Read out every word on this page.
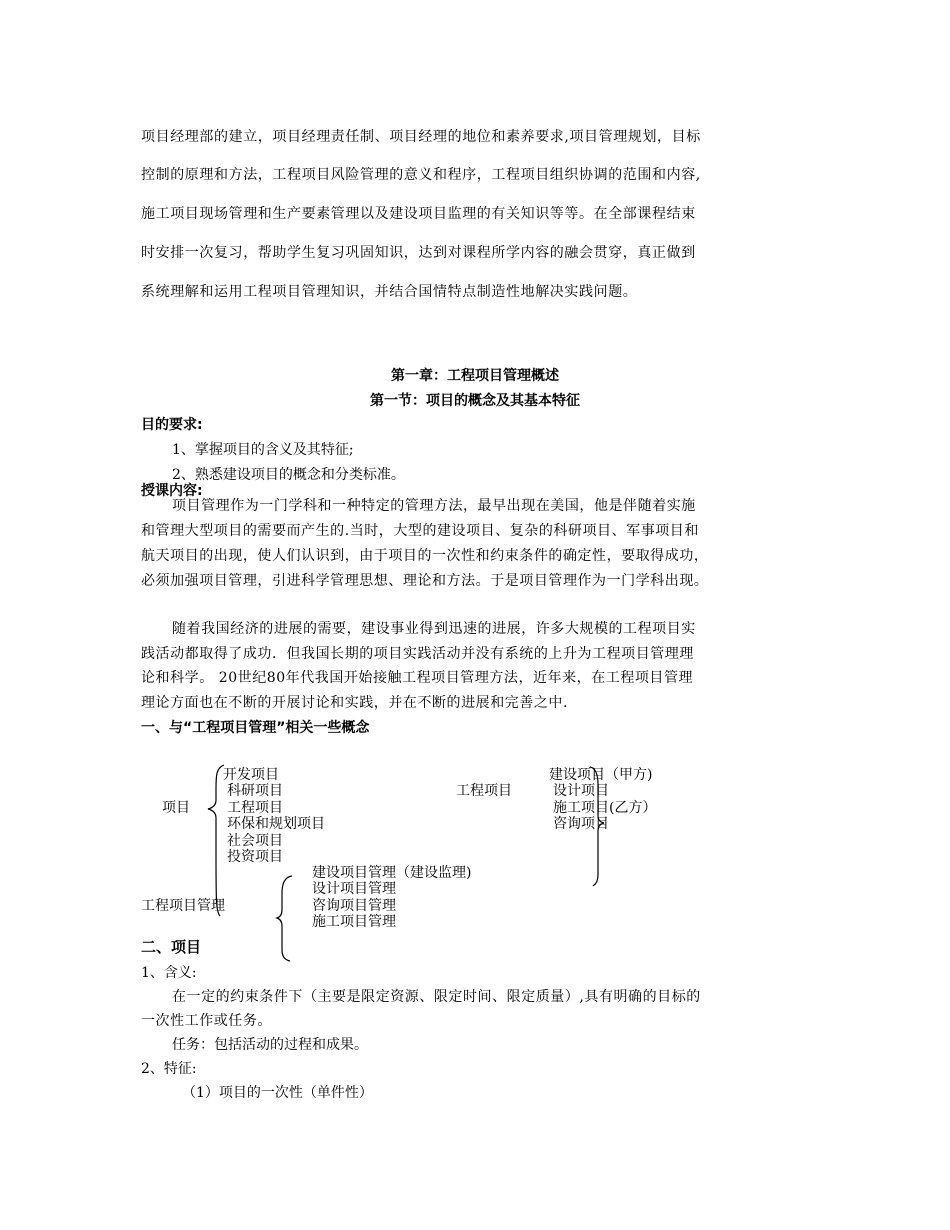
项目经理部的建立，项目经理责任制、项目经理的地位和素养要求,项目管理规划，目标
控制的原理和方法，工程项目风险管理的意义和程序，工程项目组织协调的范围和内容,
施工项目现场管理和生产要素管理以及建设项目监理的有关知识等等。在全部课程结束
时安排一次复习，帮助学生复习巩固知识，达到对课程所学内容的融会贯穿，真正做到
系统理解和运用工程项目管理知识，并结合国情特点制造性地解决实践问题。
第一章：工程项目管理概述
第一节：项目的概念及其基本特征
目的要求:
1、掌握项目的含义及其特征;
2、熟悉建设项目的概念和分类标准。
授课内容:
项目管理作为一门学科和一种特定的管理方法，最早出现在美国，他是伴随着实施
和管理大型项目的需要而产生的.当时，大型的建设项目、复杂的科研项目、军事项目和
航天项目的出现，使人们认识到，由于项目的一次性和约束条件的确定性，要取得成功，
必须加强项目管理，引进科学管理思想、理论和方法。于是项目管理作为一门学科出现。
随着我国经济的进展的需要，建设事业得到迅速的进展，许多大规模的工程项目实
践活动都取得了成功．但我国长期的项目实践活动并没有系统的上升为工程项目管理理
论和科学。 20世纪80年代我国开始接触工程项目管理方法，近年来，在工程项目管理
理论方面也在不断的开展讨论和实践，并在不断的进展和完善之中.
一、与“工程项目管理”相关一些概念
项目
开发项目
科研项目
工程项目
环保和规划项目
社会项目
投资项目
工程项目
建设项目（甲方)
设计项目
施工项目(乙方）
咨询项目
工程项目管理
建设项目管理（建设监理)
设计项目管理
咨询项目管理
施工项目管理
二、项目
1、含义:
在一定的约束条件下（主要是限定资源、限定时间、限定质量）,具有明确的目标的
一次性工作或任务。
任务：包括活动的过程和成果。
2、特征:
（1）项目的一次性（单件性）
